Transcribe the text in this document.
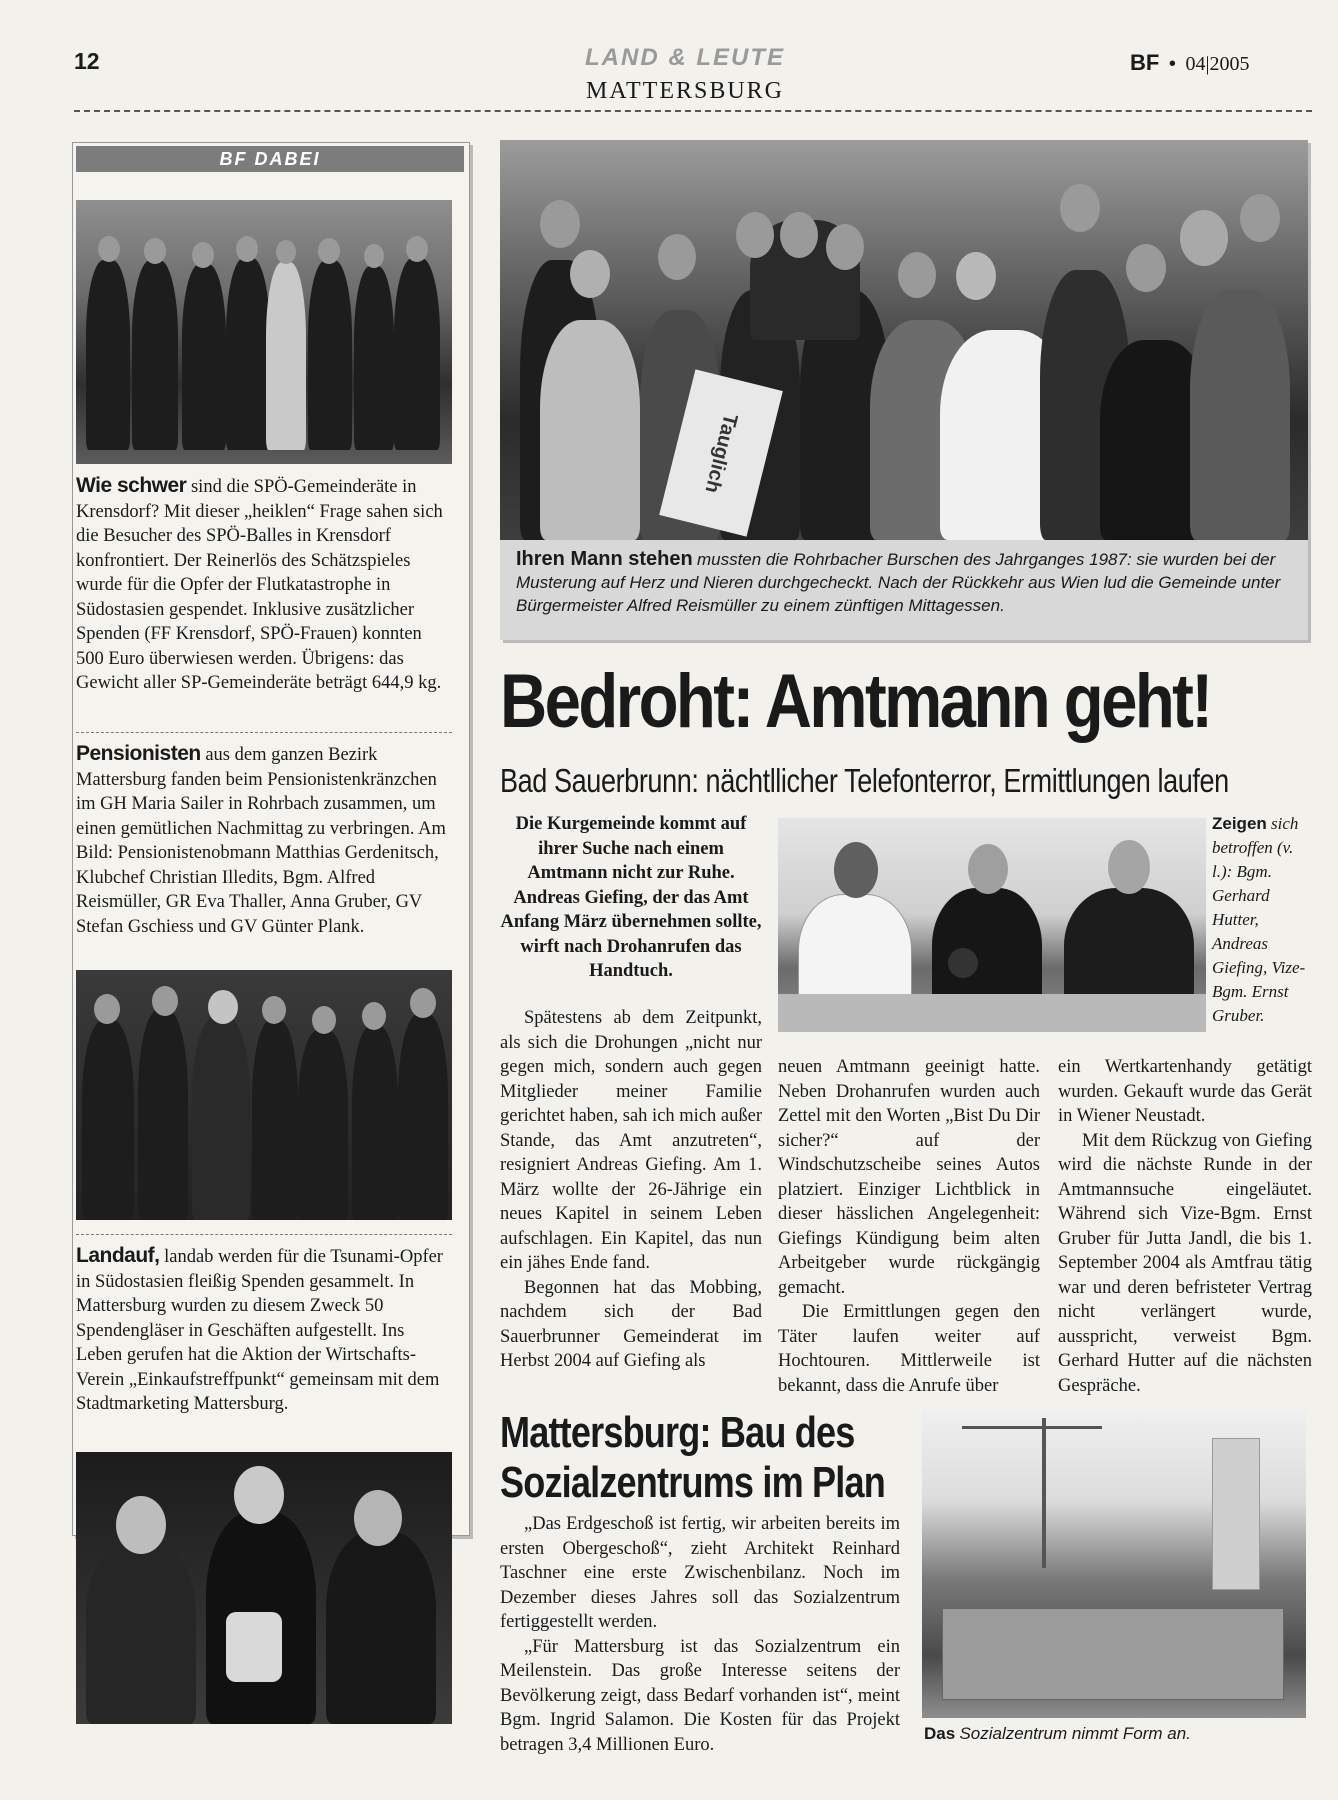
12	LAND & LEUTE
MATTERSBURG
BF • 04|2005
BF DABEI
Wie schwer sind die SPÖ-Gemeinderäte in Krensdorf? Mit dieser „heiklen“ Frage sahen sich die Besucher des SPÖ-Balles in Krensdorf konfrontiert. Der Reinerlös des Schätzspieles wurde für die Opfer der Flutkatastrophe in Südostasien gespendet. Inklusive zusätzlicher Spenden (FF Krensdorf, SPÖ-Frauen) konnten 500 Euro überwiesen werden. Übrigens: das Gewicht aller SP-Gemeinderäte beträgt 644,9 kg.
Pensionisten aus dem ganzen Bezirk Mattersburg fanden beim Pensionistenkränzchen im GH Maria Sailer in Rohrbach zusammen, um einen gemütlichen Nachmittag zu verbringen. Am Bild: Pensionistenobmann Matthias Gerdenitsch, Klubchef Christian Illedits, Bgm. Alfred Reismüller, GR Eva Thaller, Anna Gruber, GV Stefan Gschiess und GV Günter Plank.
Landauf, landab werden für die Tsunami-Opfer in Südostasien fleißig Spenden gesammelt. In Mattersburg wurden zu diesem Zweck 50 Spendengläser in Geschäften aufgestellt. Ins Leben gerufen hat die Aktion der Wirtschafts-Verein „Einkaufstreffpunkt“ gemeinsam mit dem Stadtmarketing Mattersburg.
Tauglich
Ihren Mann stehen mussten die Rohrbacher Burschen des Jahrganges 1987: sie wurden bei der Musterung auf Herz und Nieren durchgecheckt. Nach der Rückkehr aus Wien lud die Gemeinde unter Bürgermeister Alfred Reismüller zu einem zünftigen Mittagessen.
Bedroht: Amtmann geht!
Bad Sauerbrunn: nächtllicher Telefonterror, Ermittlungen laufen
Die Kurgemeinde kommt auf ihrer Suche nach einem Amtmann nicht zur Ruhe. Andreas Giefing, der das Amt Anfang März übernehmen sollte, wirft nach Drohanrufen das Handtuch.
Zeigen sich betroffen (v. l.): Bgm. Gerhard Hutter, Andreas Giefing, Vize-Bgm. Ernst Gruber.

Spätestens ab dem Zeitpunkt, als sich die Drohungen „nicht nur gegen mich, sondern auch gegen Mitglieder meiner Familie gerichtet haben, sah ich mich außer Stande, das Amt anzutreten“, resigniert Andreas Giefing. Am 1. März wollte der 26-Jährige ein neues Kapitel in seinem Leben aufschlagen. Ein Kapitel, das nun ein jähes Ende fand.

Begonnen hat das Mobbing, nachdem sich der Bad Sauerbrunner Gemeinderat im Herbst 2004 auf Giefing als

neuen Amtmann geeinigt hatte. Neben Drohanrufen wurden auch Zettel mit den Worten „Bist Du Dir sicher?“ auf der Windschutzscheibe seines Autos platziert. Einziger Lichtblick in dieser hässlichen Angelegenheit: Giefings Kündigung beim alten Arbeitgeber wurde rückgängig gemacht.

Die Ermittlungen gegen den Täter laufen weiter auf Hochtouren. Mittlerweile ist bekannt, dass die Anrufe über

ein Wertkartenhandy getätigt wurden. Gekauft wurde das Gerät in Wiener Neustadt.

Mit dem Rückzug von Giefing wird die nächste Runde in der Amtmannsuche eingeläutet. Während sich Vize-Bgm. Ernst Gruber für Jutta Jandl, die bis 1. September 2004 als Amtfrau tätig war und deren befristeter Vertrag nicht verlängert wurde, ausspricht, verweist Bgm. Gerhard Hutter auf die nächsten Gespräche.

Mattersburg: Bau des
Sozialzentrums im Plan

„Das Erdgeschoß ist fertig, wir arbeiten bereits im ersten Obergeschoß“, zieht Architekt Reinhard Taschner eine erste Zwischenbilanz. Noch im Dezember dieses Jahres soll das Sozialzentrum fertiggestellt werden.

„Für Mattersburg ist das Sozialzentrum ein Meilenstein. Das große Interesse seitens der Bevölkerung zeigt, dass Bedarf vorhanden ist“, meint Bgm. Ingrid Salamon. Die Kosten für das Projekt betragen 3,4 Millionen Euro.

Das Sozialzentrum nimmt Form an.
